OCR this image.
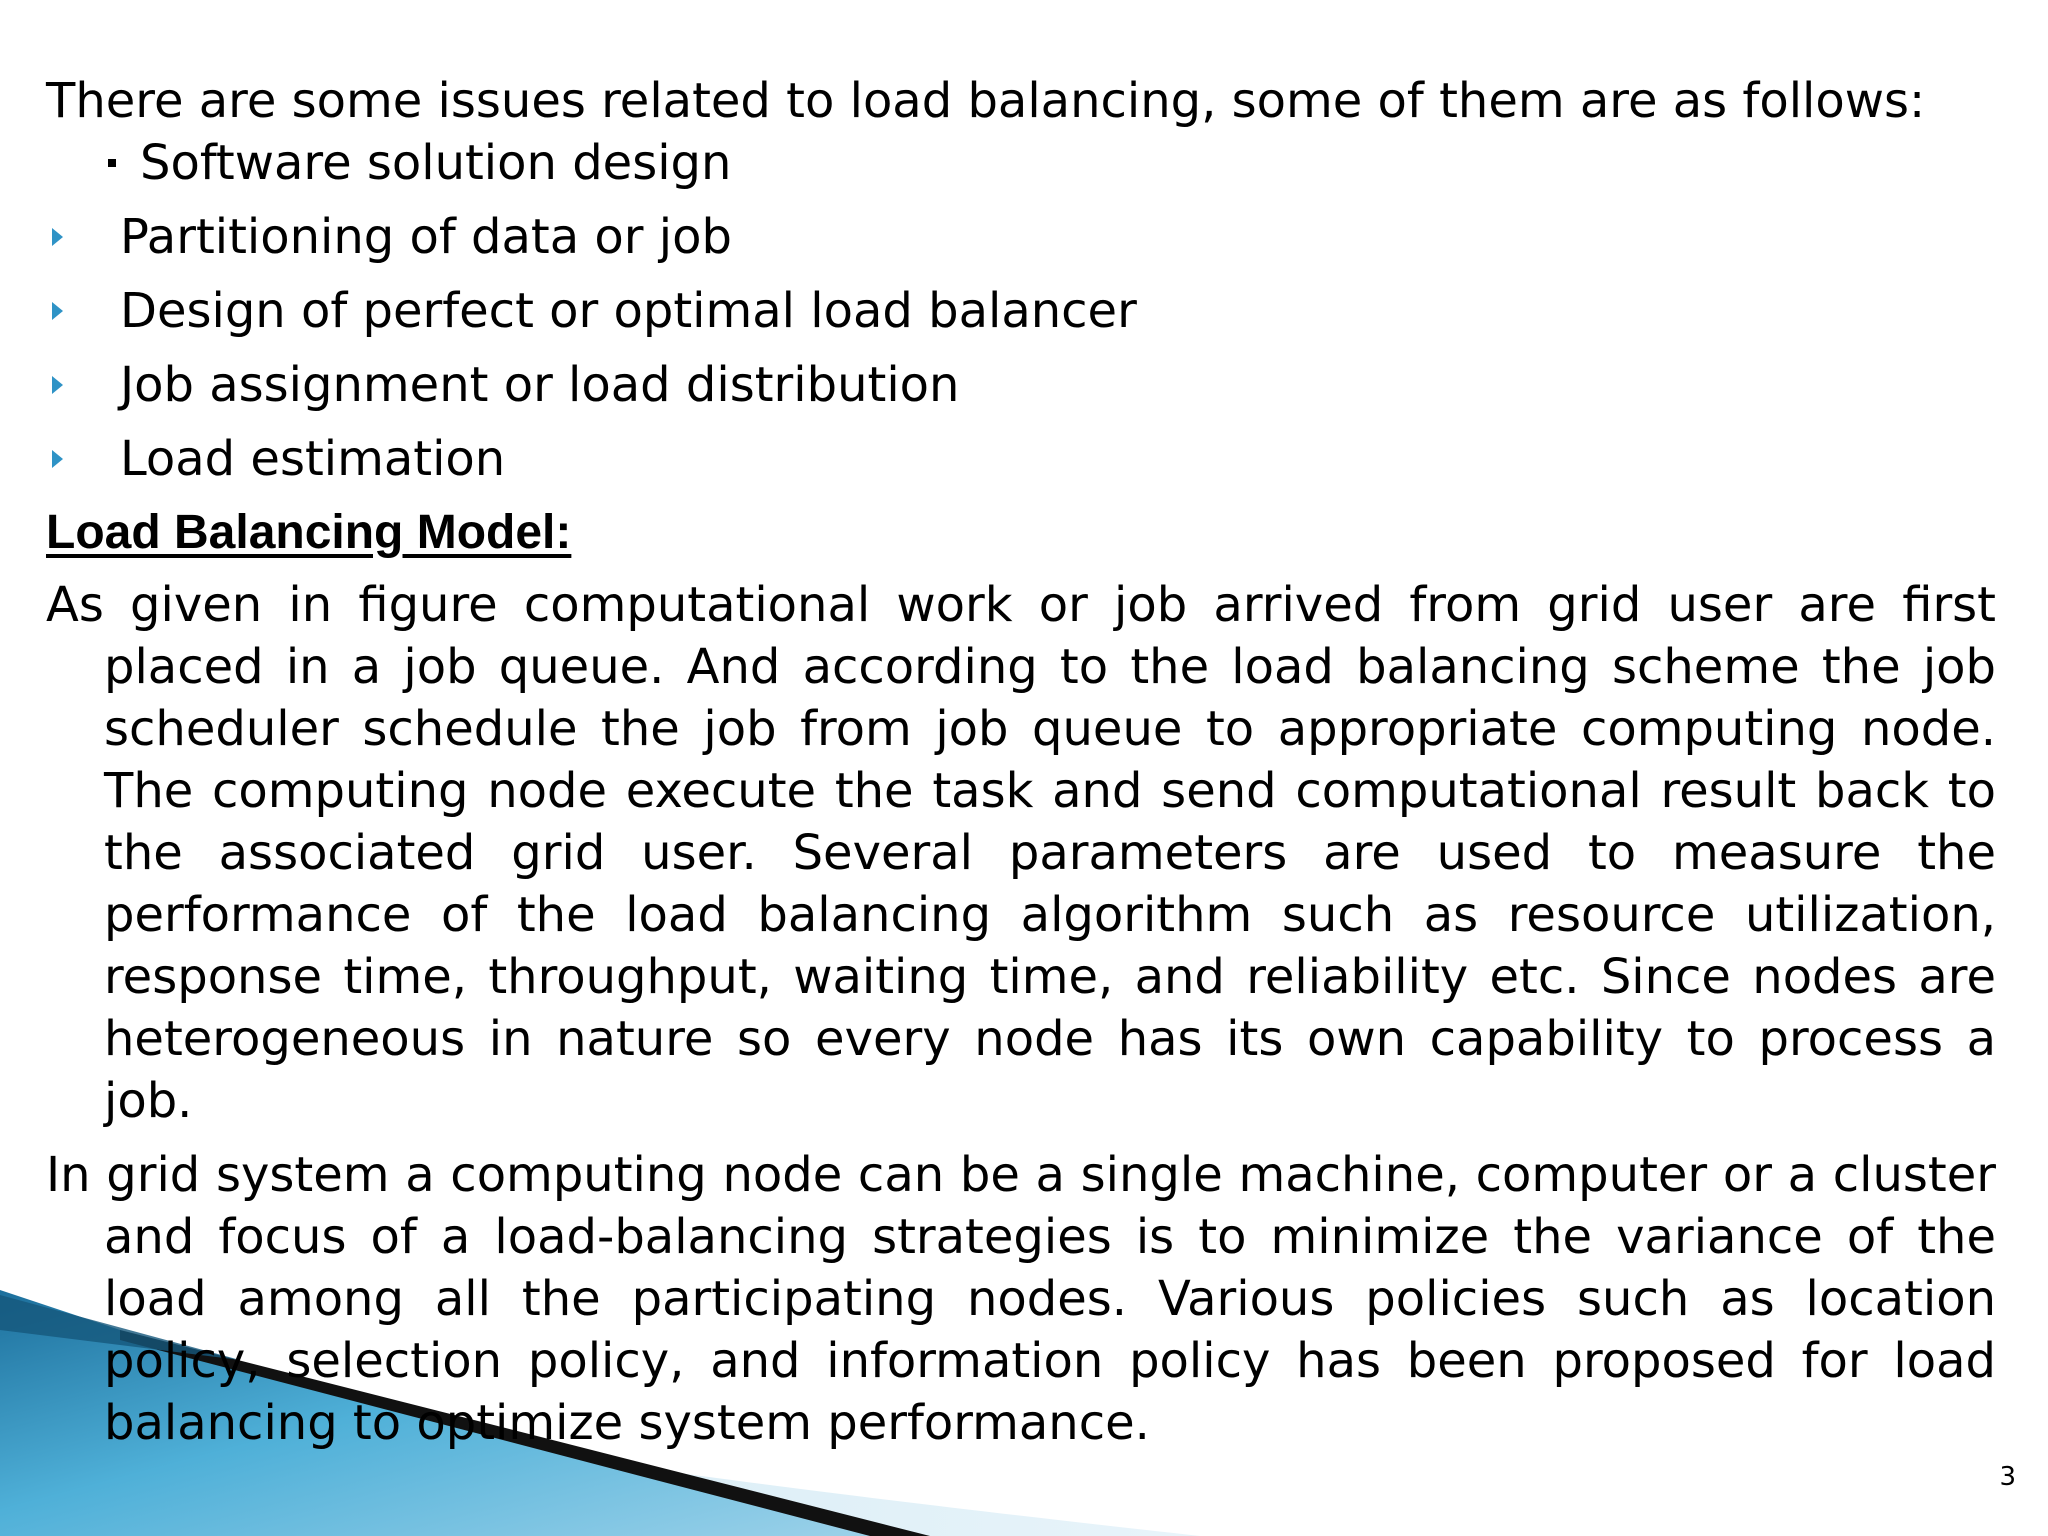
There are some issues related to load balancing, some of them are as follows:

Software solution design
Partitioning of data or job
Design of perfect or optimal load balancer
Job assignment or load distribution
Load estimation

Load Balancing Model:

As given in figure computational work or job arrived from grid user are first placed in a job queue. And according to the load balancing scheme the job scheduler schedule the job from job queue to appropriate computing node. The computing node execute the task and send computational result back to the associated grid user. Several parameters are used to measure the performance of the load balancing algorithm such as resource utilization, response time, throughput, waiting time, and reliability etc. Since nodes are heterogeneous in nature so every node has its own capability to process a job.

In grid system a computing node can be a single machine, computer or a cluster and focus of a load-balancing strategies is to minimize the variance of the load among all the participating nodes. Various policies such as location policy, selection policy, and information policy has been proposed for load balancing to optimize system performance.

3
